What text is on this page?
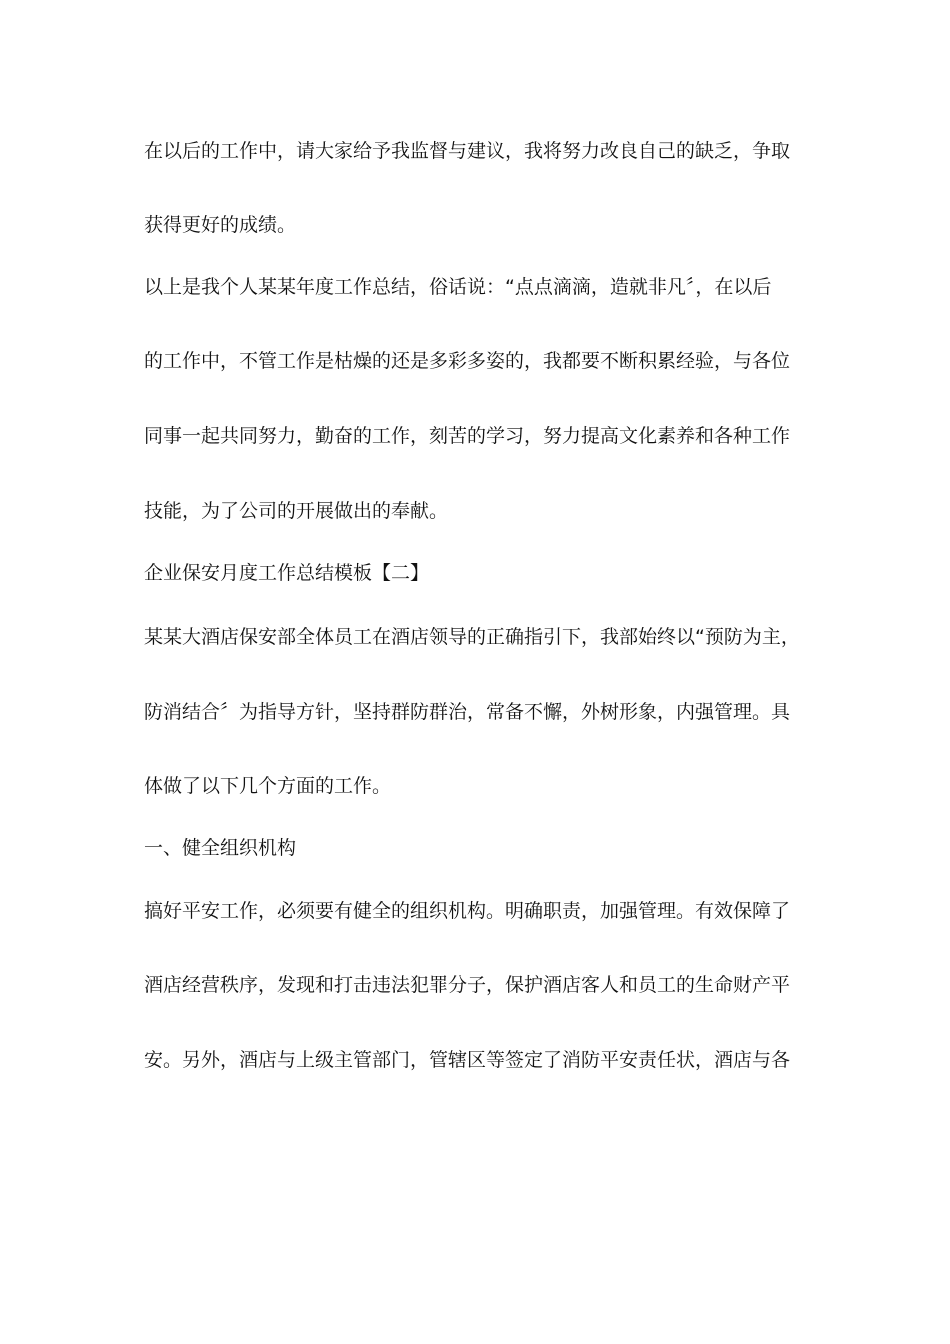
在以后的工作中，请大家给予我监督与建议，我将努力改良自己的缺乏，争取
获得更好的成绩。
以上是我个人某某年度工作总结，俗话说：“点点滴滴，造就非凡〞，在以后
的工作中，不管工作是枯燥的还是多彩多姿的，我都要不断积累经验，与各位
同事一起共同努力，勤奋的工作，刻苦的学习，努力提高文化素养和各种工作
技能，为了公司的开展做出的奉献。
企业保安月度工作总结模板【二】
某某大酒店保安部全体员工在酒店领导的正确指引下，我部始终以“预防为主，
防消结合〞为指导方针，坚持群防群治，常备不懈，外树形象，内强管理。具
体做了以下几个方面的工作。
一、健全组织机构
搞好平安工作，必须要有健全的组织机构。明确职责，加强管理。有效保障了
酒店经营秩序，发现和打击违法犯罪分子，保护酒店客人和员工的生命财产平
安。另外，酒店与上级主管部门，管辖区等签定了消防平安责任状，酒店与各
